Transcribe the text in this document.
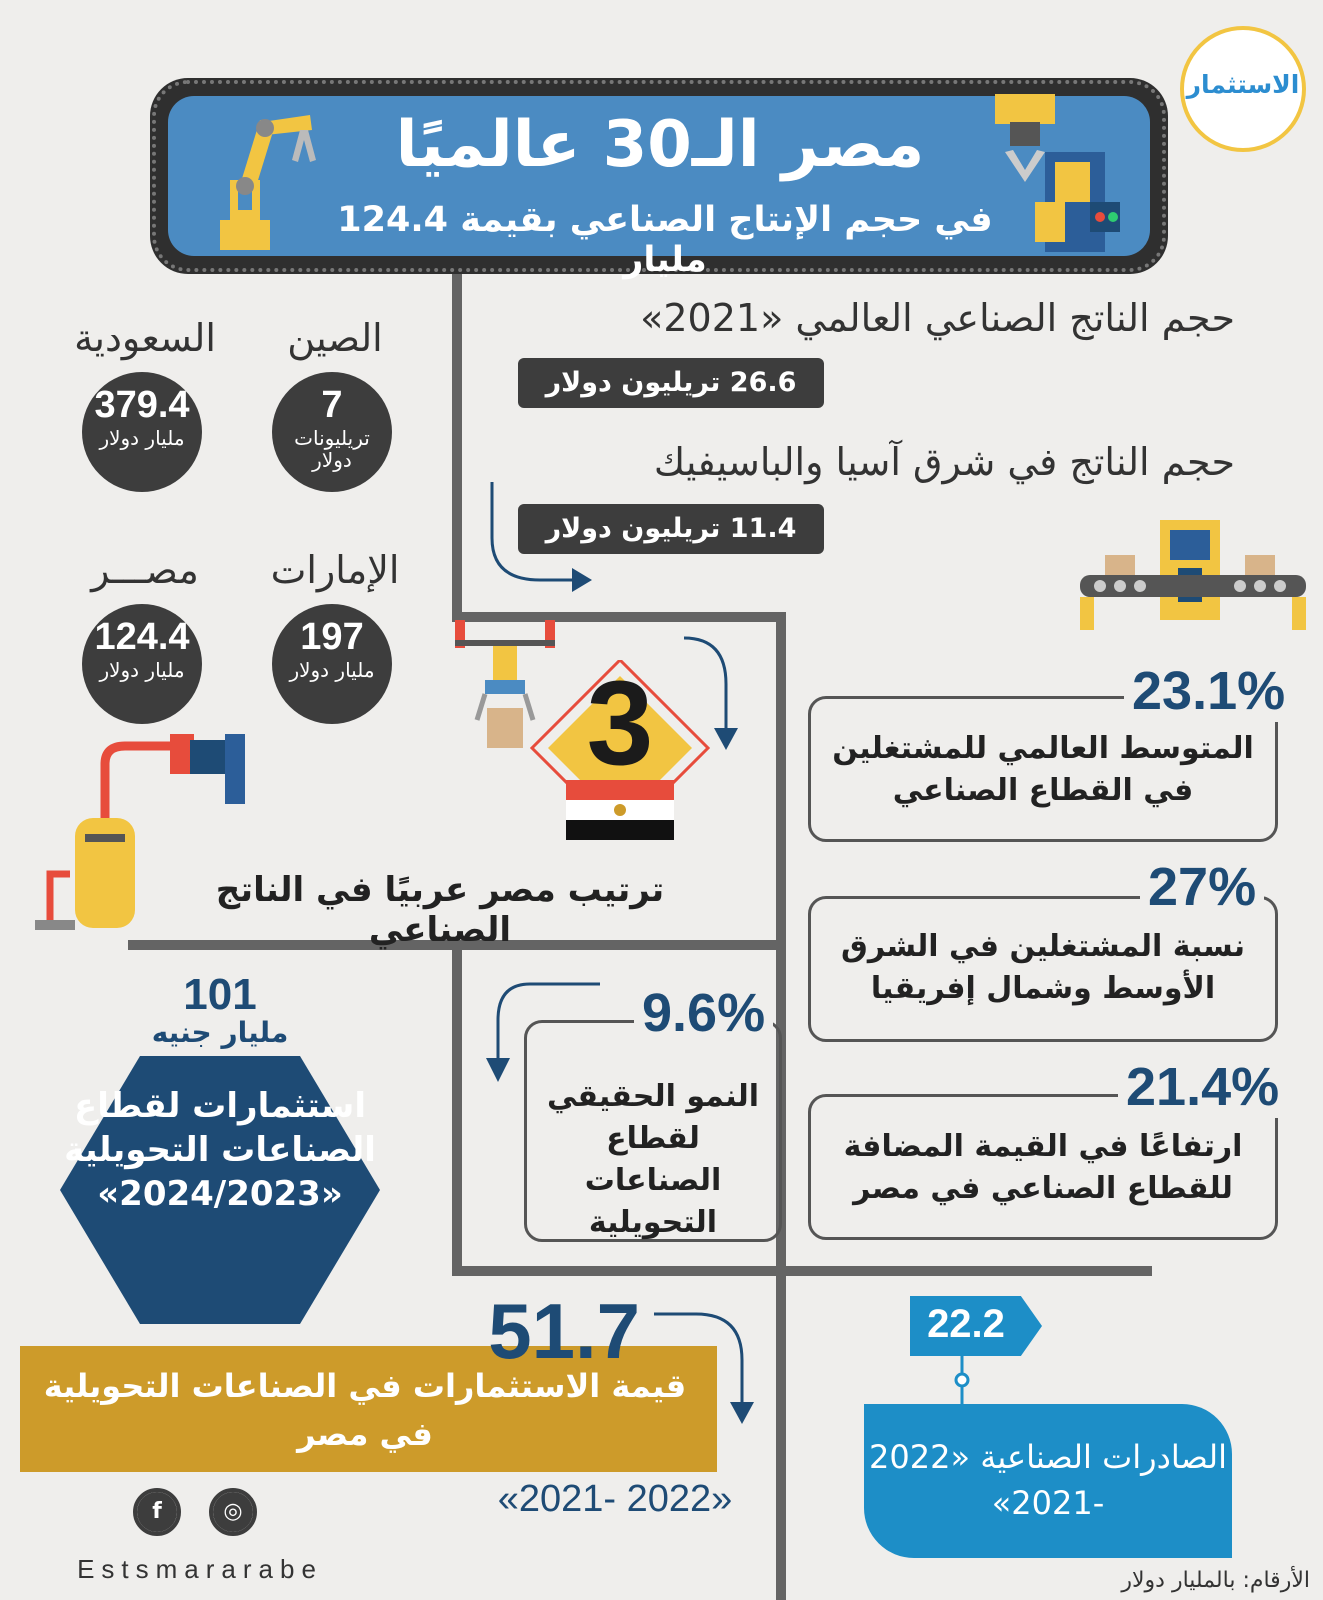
مصر الـ30 عالميًا
في حجم الإنتاج الصناعي بقيمة 124.4 مليار
الاستثمار
حجم الناتج الصناعي العالمي «2021»
26.6 تريليون دولار
حجم الناتج في شرق آسيا والباسيفيك
11.4 تريليون دولار
الصين
7
تريليونات دولار
السعودية
379.4
مليار دولار
الإمارات
197
مليار دولار
مصـــر
124.4
مليار دولار	3
ترتيب مصر عربيًا في الناتج الصناعي
23.1%
المتوسط العالمي للمشتغلين في القطاع الصناعي
27%
نسبة المشتغلين في الشرق الأوسط وشمال إفريقيا
21.4%
ارتفاعًا في القيمة المضافة للقطاع الصناعي في مصر
9.6%
النمو الحقيقي لقطاع الصناعات التحويلية
101
مليار جنيه
استثمارات لقطاع الصناعات التحويلية «2024/2023»
51.7
قيمة الاستثمارات في الصناعات التحويلية في مصر
«2022 -2021»
22.2
الصادرات الصناعية «2022 -2021»
f	◎
Estsmararabe	الأرقام: بالمليار دولار
